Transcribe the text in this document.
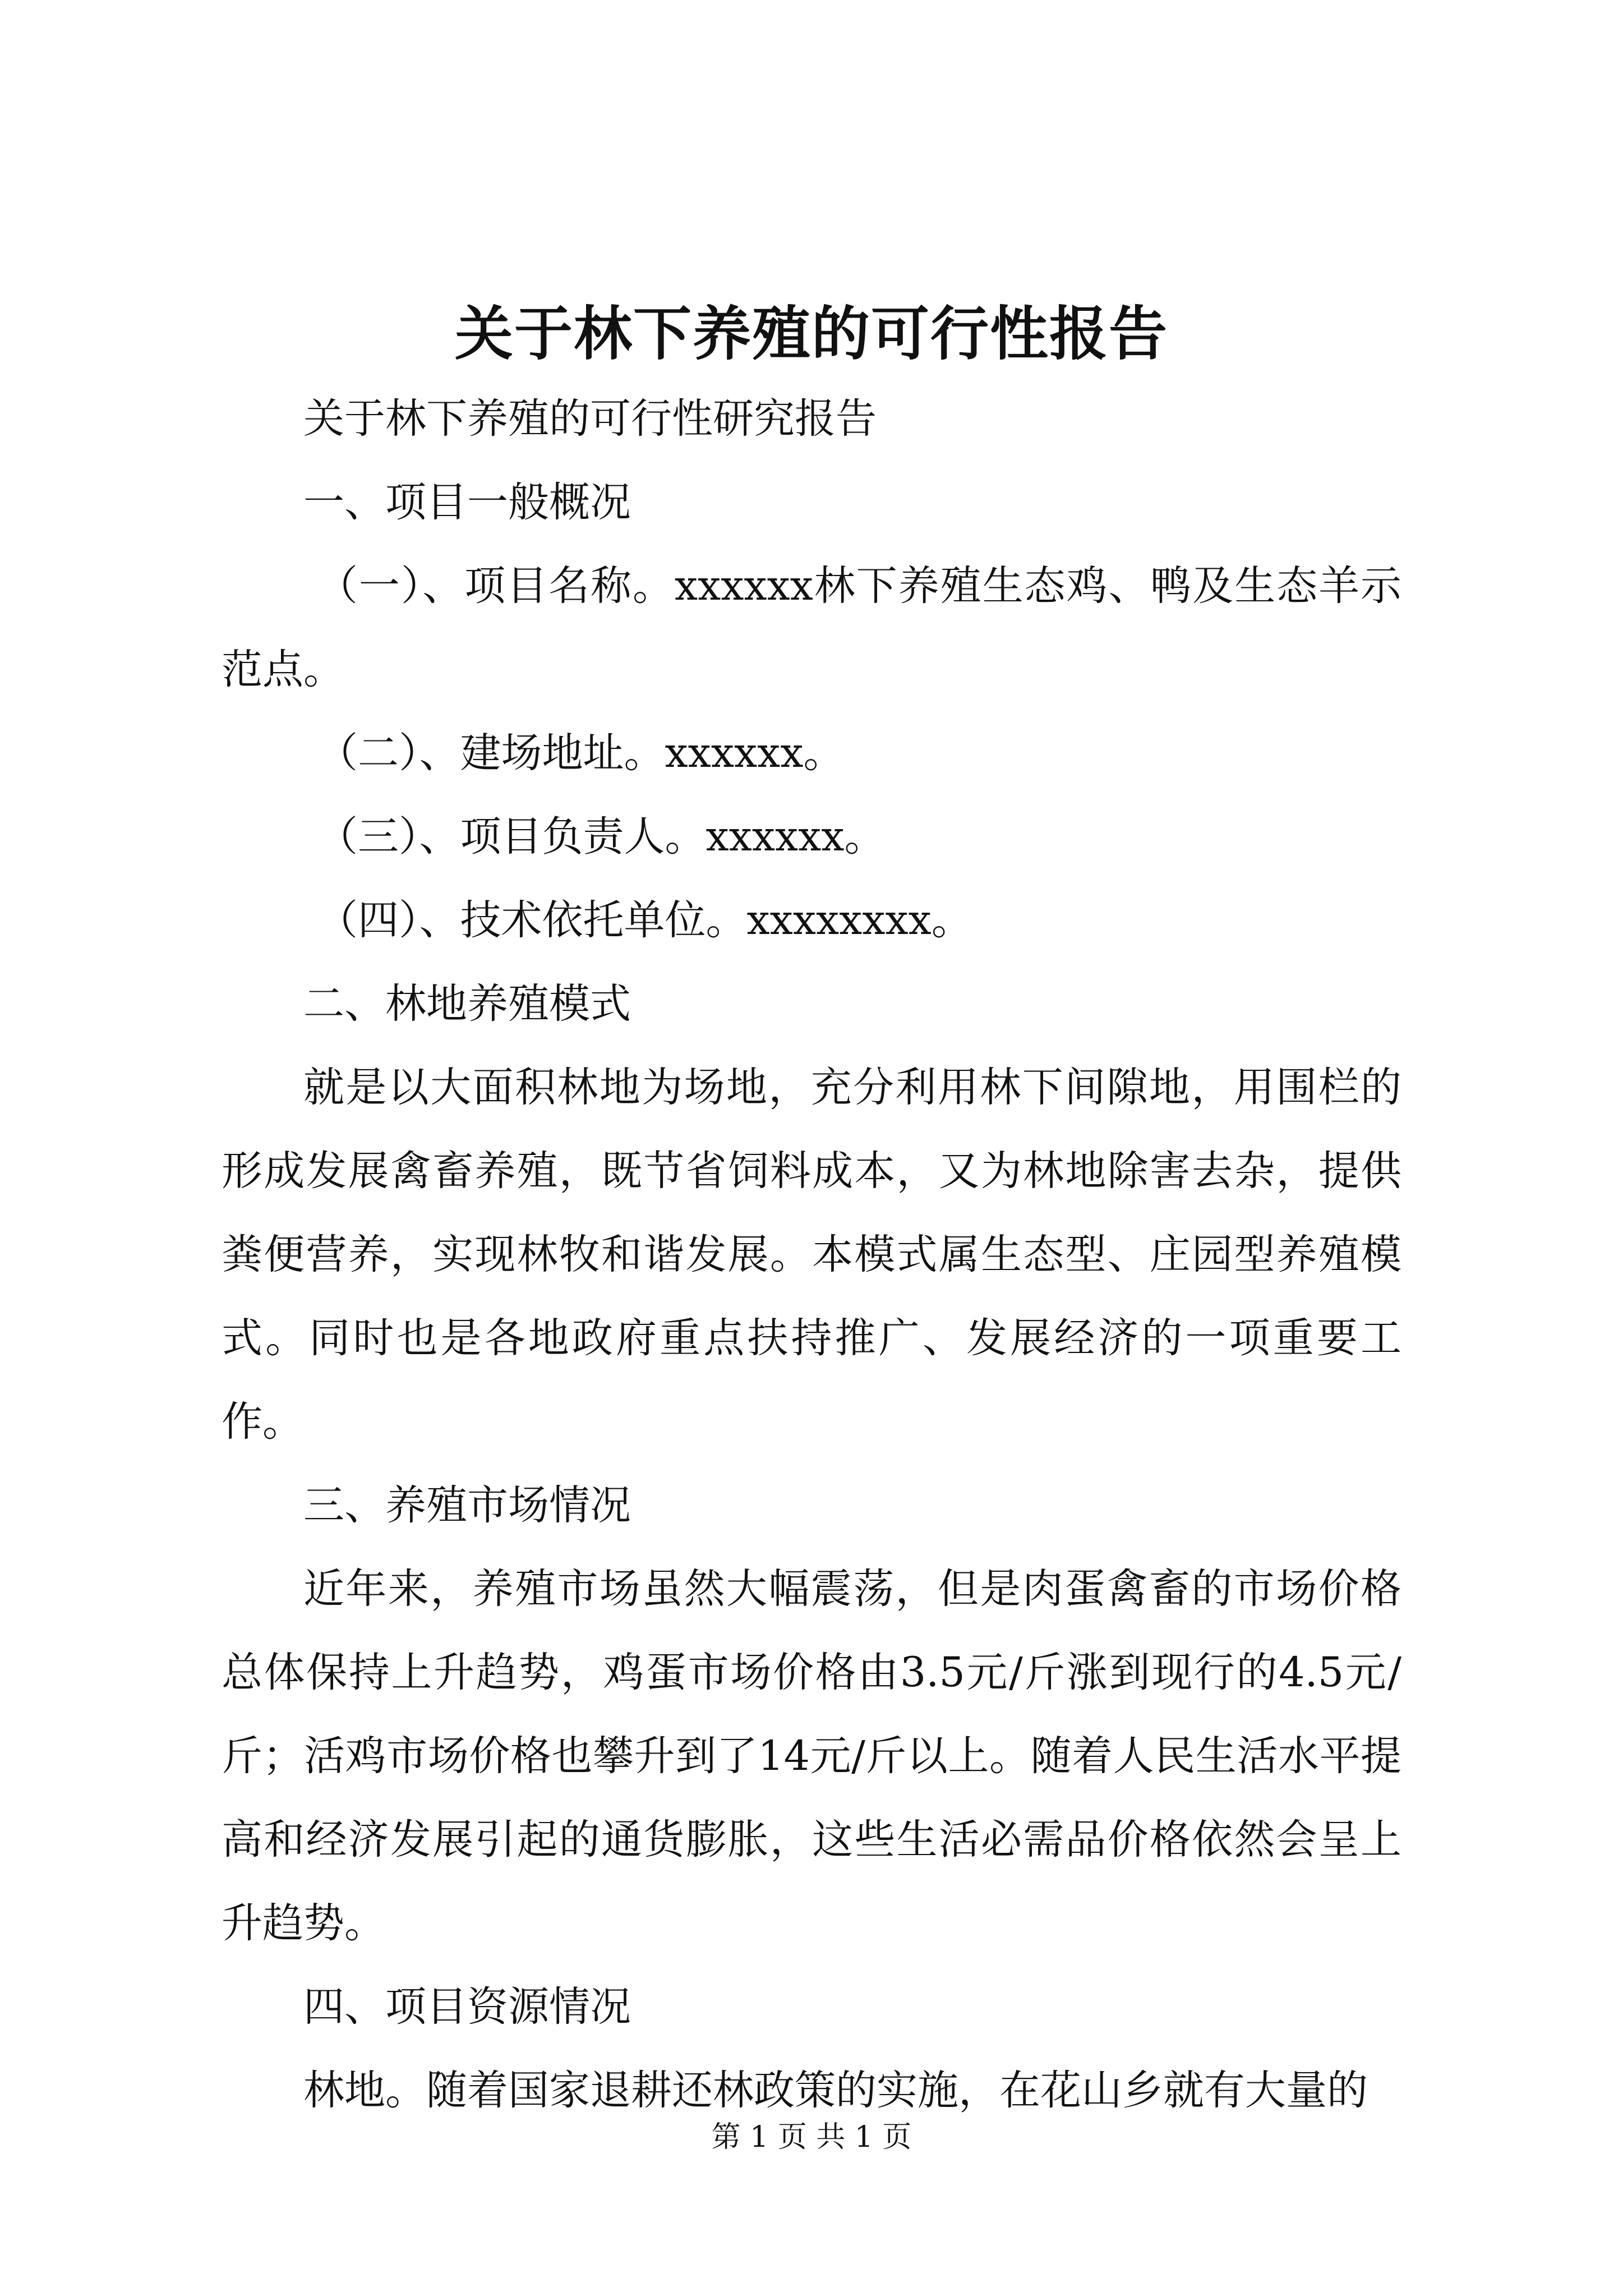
关于林下养殖的可行性报告

关于林下养殖的可行性研究报告

一、项目一般概况

（一）、项目名称。xxxxxx林下养殖生态鸡、鸭及生态羊示范点。

（二）、建场地址。xxxxxx。

（三）、项目负责人。xxxxxx。

（四）、技术依托单位。xxxxxxxx。

二、林地养殖模式

就是以大面积林地为场地，充分利用林下间隙地，用围栏的形成发展禽畜养殖，既节省饲料成本，又为林地除害去杂，提供粪便营养，实现林牧和谐发展。本模式属生态型、庄园型养殖模式。同时也是各地政府重点扶持推广、发展经济的一项重要工作。

三、养殖市场情况

近年来，养殖市场虽然大幅震荡，但是肉蛋禽畜的市场价格总体保持上升趋势，鸡蛋市场价格由3.5元/斤涨到现行的4.5元/斤；活鸡市场价格也攀升到了14元/斤以上。随着人民生活水平提高和经济发展引起的通货膨胀，这些生活必需品价格依然会呈上升趋势。

四、项目资源情况

林地。随着国家退耕还林政策的实施，在花山乡就有大量的

第 1 页 共 1 页
